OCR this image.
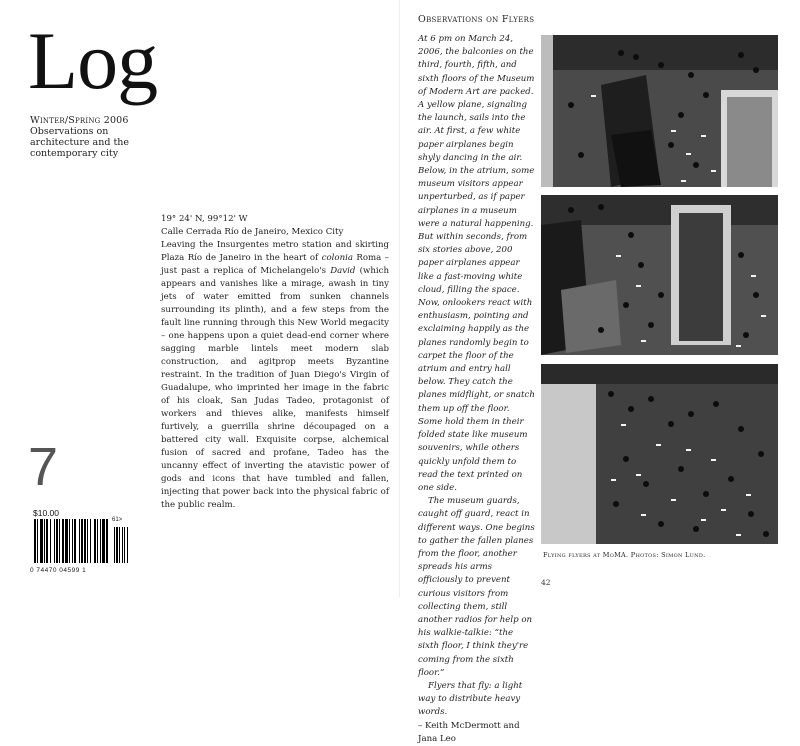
Log
Winter/Spring 2006
Observations on architecture and the contemporary city

19° 24' N, 99°12' W

Calle Cerrada Río de Janeiro, Mexico City

Leaving the Insurgentes metro station and skirting Plaza Río de Janeiro in the heart of colonia Roma – just past a replica of Michelangelo's David (which appears and vanishes like a mirage, awash in tiny jets of water emitted from sunken channels surrounding its plinth), and a few steps from the fault line running through this New World megacity – one happens upon a quiet dead-end corner where sagging marble lintels meet modern slab construction, and agitprop meets Byzantine restraint. In the tradition of Juan Diego's Virgin of Guadalupe, who imprinted her image in the fabric of his cloak, San Judas Tadeo, protagonist of workers and thieves alike, manifests himself furtively, a guerrilla shrine découpaged on a battered city wall. Exquisite corpse, alchemical fusion of sacred and profane, Tadeo has the uncanny effect of inverting the atavistic power of gods and icons that have tumbled and fallen, injecting that power back into the physical fabric of the public realm.

7
$10.00
61>
0 74470 04599 1
Observations on Flyers

At 6 pm on March 24, 2006, the balconies on the third, fourth, fifth, and sixth floors of the Museum of Modern Art are packed. A yellow plane, signaling the launch, sails into the air. At first, a few white paper airplanes begin shyly dancing in the air. Below, in the atrium, some museum visitors appear unperturbed, as if paper airplanes in a museum were a natural happening. But within seconds, from six stories above, 200 paper airplanes appear like a fast-moving white cloud, filling the space. Now, onlookers react with enthusiasm, pointing and exclaiming happily as the planes randomly begin to carpet the floor of the atrium and entry hall below. They catch the planes midflight, or snatch them up off the floor. Some hold them in their folded state like museum souvenirs, while others quickly unfold them to read the text printed on one side.

The museum guards, caught off guard, react in different ways. One begins to gather the fallen planes from the floor, another spreads his arms officiously to prevent curious visitors from collecting them, still another radios for help on his walkie-talkie: “the sixth floor, I think they're coming from the sixth floor.”

Flyers that fly: a light way to distribute heavy words.

– Keith McDermott and Jana Leo

Flying flyers at MoMA. Photos: Simon Lund.
42
